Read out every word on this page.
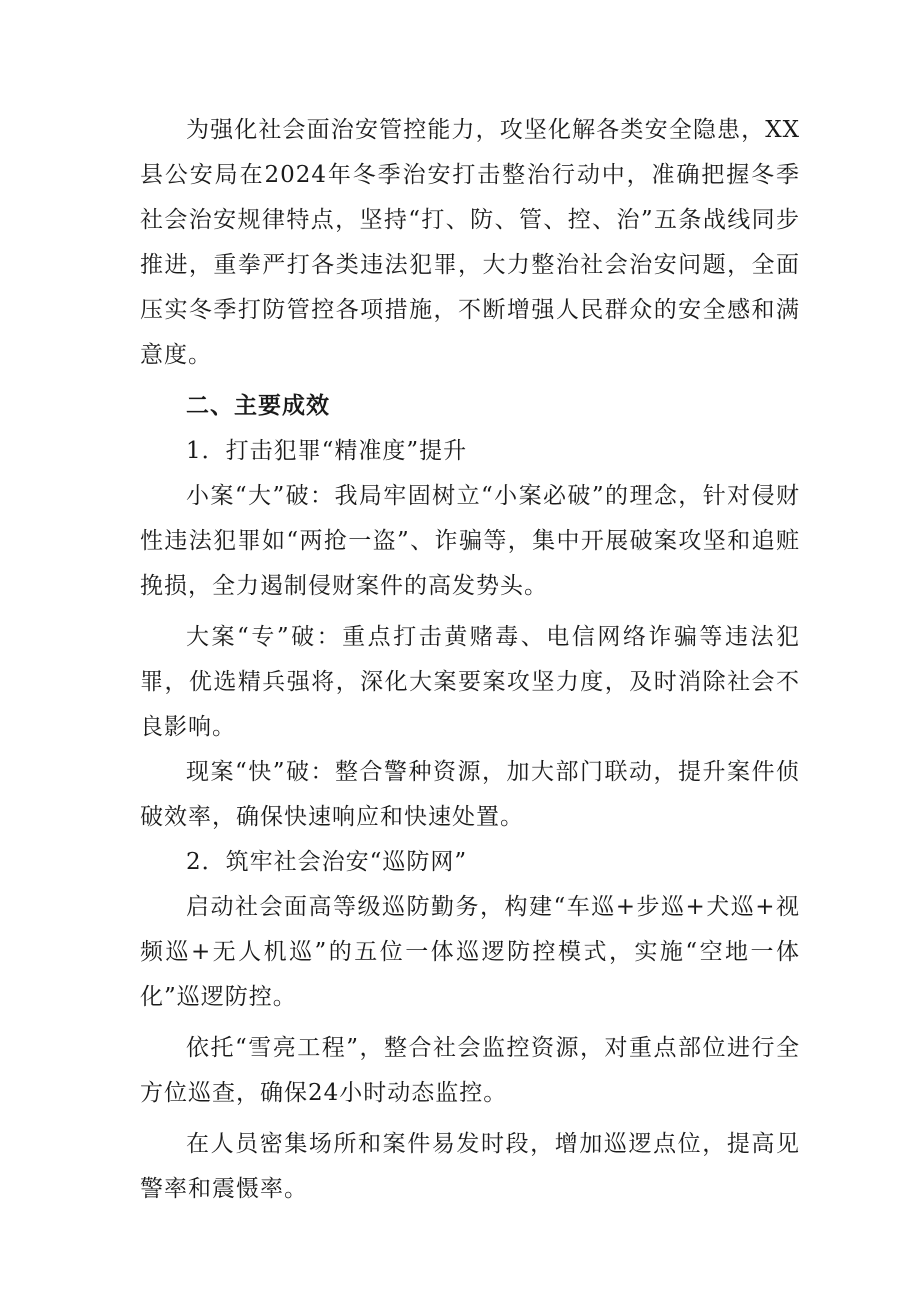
为强化社会面治安管控能力，攻坚化解各类安全隐患，XX县公安局在2024年冬季治安打击整治行动中，准确把握冬季社会治安规律特点，坚持“打、防、管、控、治”五条战线同步推进，重拳严打各类违法犯罪，大力整治社会治安问题，全面压实冬季打防管控各项措施，不断增强人民群众的安全感和满意度。

二、主要成效

1．打击犯罪“精准度”提升

小案“大”破：我局牢固树立“小案必破”的理念，针对侵财性违法犯罪如“两抢一盗”、诈骗等，集中开展破案攻坚和追赃挽损，全力遏制侵财案件的高发势头。

大案“专”破：重点打击黄赌毒、电信网络诈骗等违法犯罪，优选精兵强将，深化大案要案攻坚力度，及时消除社会不良影响。

现案“快”破：整合警种资源，加大部门联动，提升案件侦破效率，确保快速响应和快速处置。

2．筑牢社会治安“巡防网”

启动社会面高等级巡防勤务，构建“车巡+步巡+犬巡+视频巡+无人机巡”的五位一体巡逻防控模式，实施“空地一体化”巡逻防控。

依托“雪亮工程”，整合社会监控资源，对重点部位进行全方位巡查，确保24小时动态监控。

在人员密集场所和案件易发时段，增加巡逻点位，提高见警率和震慑率。
